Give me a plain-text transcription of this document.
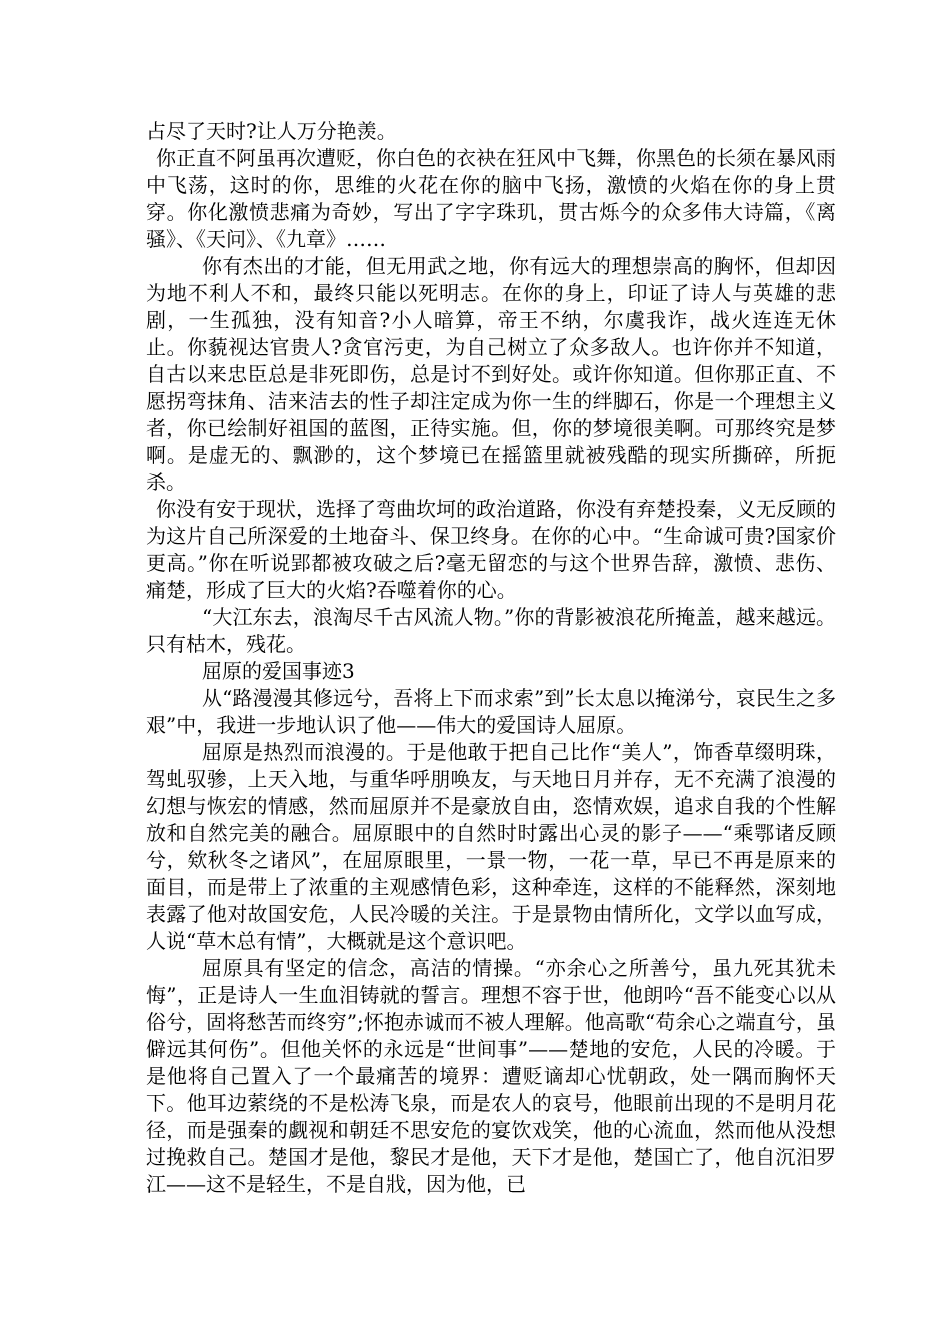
占尽了天时?让人万分艳羡。

你正直不阿虽再次遭贬，你白色的衣袂在狂风中飞舞，你黑色的长须在暴风雨中飞荡，这时的你，思维的火花在你的脑中飞扬，激愤的火焰在你的身上贯穿。你化激愤悲痛为奇妙，写出了字字珠玑，贯古烁今的众多伟大诗篇，《离骚》、《天问》、《九章》……

你有杰出的才能，但无用武之地，你有远大的理想崇高的胸怀，但却因为地不利人不和，最终只能以死明志。在你的身上，印证了诗人与英雄的悲剧，一生孤独，没有知音?小人暗算，帝王不纳，尔虞我诈，战火连连无休止。你藐视达官贵人?贪官污吏，为自己树立了众多敌人。也许你并不知道，自古以来忠臣总是非死即伤，总是讨不到好处。或许你知道。但你那正直、不愿拐弯抹角、洁来洁去的性子却注定成为你一生的绊脚石，你是一个理想主义者，你已绘制好祖国的蓝图，正待实施。但，你的梦境很美啊。可那终究是梦啊。是虚无的、飘渺的，这个梦境已在摇篮里就被残酷的现实所撕碎，所扼杀。

你没有安于现状，选择了弯曲坎坷的政治道路，你没有弃楚投秦，义无反顾的为这片自己所深爱的土地奋斗、保卫终身。在你的心中。“生命诚可贵?国家价更高。”你在听说郢都被攻破之后?毫无留恋的与这个世界告辞，激愤、悲伤、痛楚，形成了巨大的火焰?吞噬着你的心。

“大江东去，浪淘尽千古风流人物。”你的背影被浪花所掩盖，越来越远。只有枯木，残花。

屈原的爱国事迹3

从“路漫漫其修远兮，吾将上下而求索”到”长太息以掩涕兮，哀民生之多艰”中，我进一步地认识了他——伟大的爱国诗人屈原。

屈原是热烈而浪漫的。于是他敢于把自己比作“美人”，饰香草缀明珠，驾虬驭骖，上天入地，与重华呼朋唤友，与天地日月并存，无不充满了浪漫的幻想与恢宏的情感，然而屈原并不是豪放自由，恣情欢娱，追求自我的个性解放和自然完美的融合。屈原眼中的自然时时露出心灵的影子——“乘鄂诸反顾兮，欸秋冬之诸风”，在屈原眼里，一景一物，一花一草，早已不再是原来的面目，而是带上了浓重的主观感情色彩，这种牵连，这样的不能释然，深刻地表露了他对故国安危，人民冷暖的关注。于是景物由情所化，文学以血写成，人说“草木总有情”，大概就是这个意识吧。

屈原具有坚定的信念，高洁的情操。“亦余心之所善兮，虽九死其犹未悔”，正是诗人一生血泪铸就的誓言。理想不容于世，他朗吟“吾不能变心以从俗兮，固将愁苦而终穷”;怀抱赤诚而不被人理解。他高歌“苟余心之端直兮，虽僻远其何伤”。但他关怀的永远是“世间事”——楚地的安危，人民的冷暖。于是他将自己置入了一个最痛苦的境界：遭贬谪却心忧朝政，处一隅而胸怀天下。他耳边萦绕的不是松涛飞泉，而是农人的哀号，他眼前出现的不是明月花径，而是强秦的觑视和朝廷不思安危的宴饮戏笑，他的心流血，然而他从没想过挽救自己。楚国才是他，黎民才是他，天下才是他，楚国亡了，他自沉汨罗江——这不是轻生，不是自戕，因为他，已
